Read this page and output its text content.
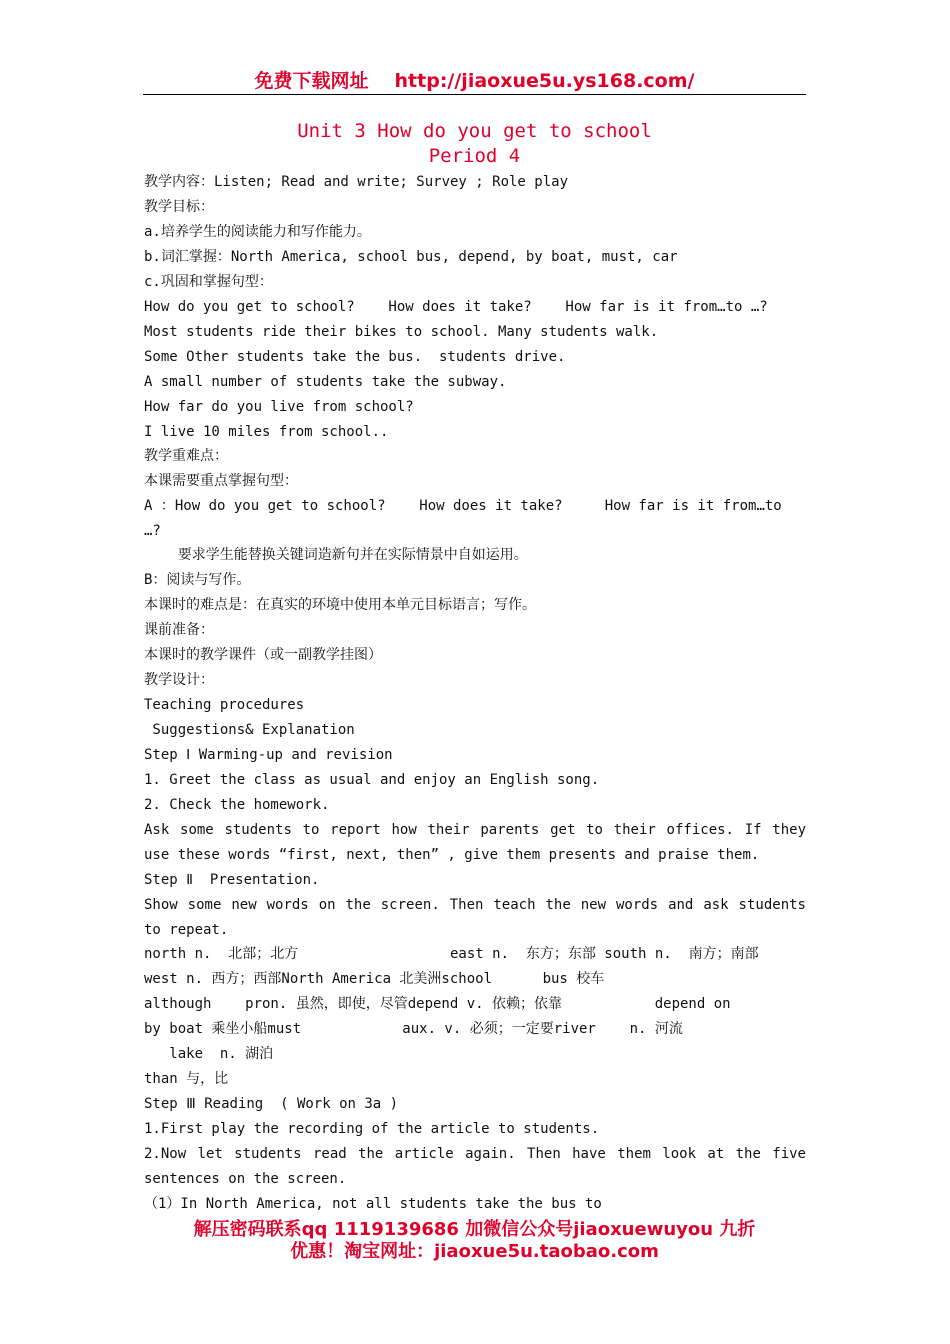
免费下载网址 http://jiaoxue5u.ys168.com/
Unit 3 How do you get to school
Period 4
教学内容：Listen; Read and write; Survey ; Role play
教学目标：
a.培养学生的阅读能力和写作能力。
b.词汇掌握：North America, school bus, depend, by boat, must, car
c.巩固和掌握句型：
How do you get to school?    How does it take?    How far is it from…to …?
Most students ride their bikes to school. Many students walk.
Some Other students take the bus.  students drive.
A small number of students take the subway.
How far do you live from school?
I live 10 miles from school..
教学重难点：
本课需要重点掌握句型：
A ：How do you get to school?    How does it take?     How far is it from…to
…?
要求学生能替换关键词造新句并在实际情景中自如运用。
B：阅读与写作。
本课时的难点是：在真实的环境中使用本单元目标语言；写作。
课前准备：
本课时的教学课件（或一副教学挂图）
教学设计：
Teaching procedures
Suggestions& Explanation
Step Ⅰ Warming-up and revision
1. Greet the class as usual and enjoy an English song.
2. Check the homework.
Ask some students to report how their parents get to their offices. If they
use these words “first, next, then” , give them presents and praise them.
Step Ⅱ  Presentation.
Show some new words on the screen. Then teach the new words and ask students
to repeat.
north n.  北部；北方                  east n.  东方；东部 south n.  南方；南部
west n. 西方；西部North America 北美洲school      bus 校车
although    pron. 虽然，即使，尽管depend v. 依赖；依靠           depend on
by boat 乘坐小船must            aux. v. 必须；一定要river    n. 河流
lake  n. 湖泊
than 与，比
Step Ⅲ Reading  ( Work on 3a )
1.First play the recording of the article to students.
2.Now let students read the article again. Then have them look at the five
sentences on the screen.
（1）In North America, not all students take the bus to
解压密码联系qq 1119139686 加微信公众号jiaoxuewuyou 九折
优惠！淘宝网址：jiaoxue5u.taobao.com
